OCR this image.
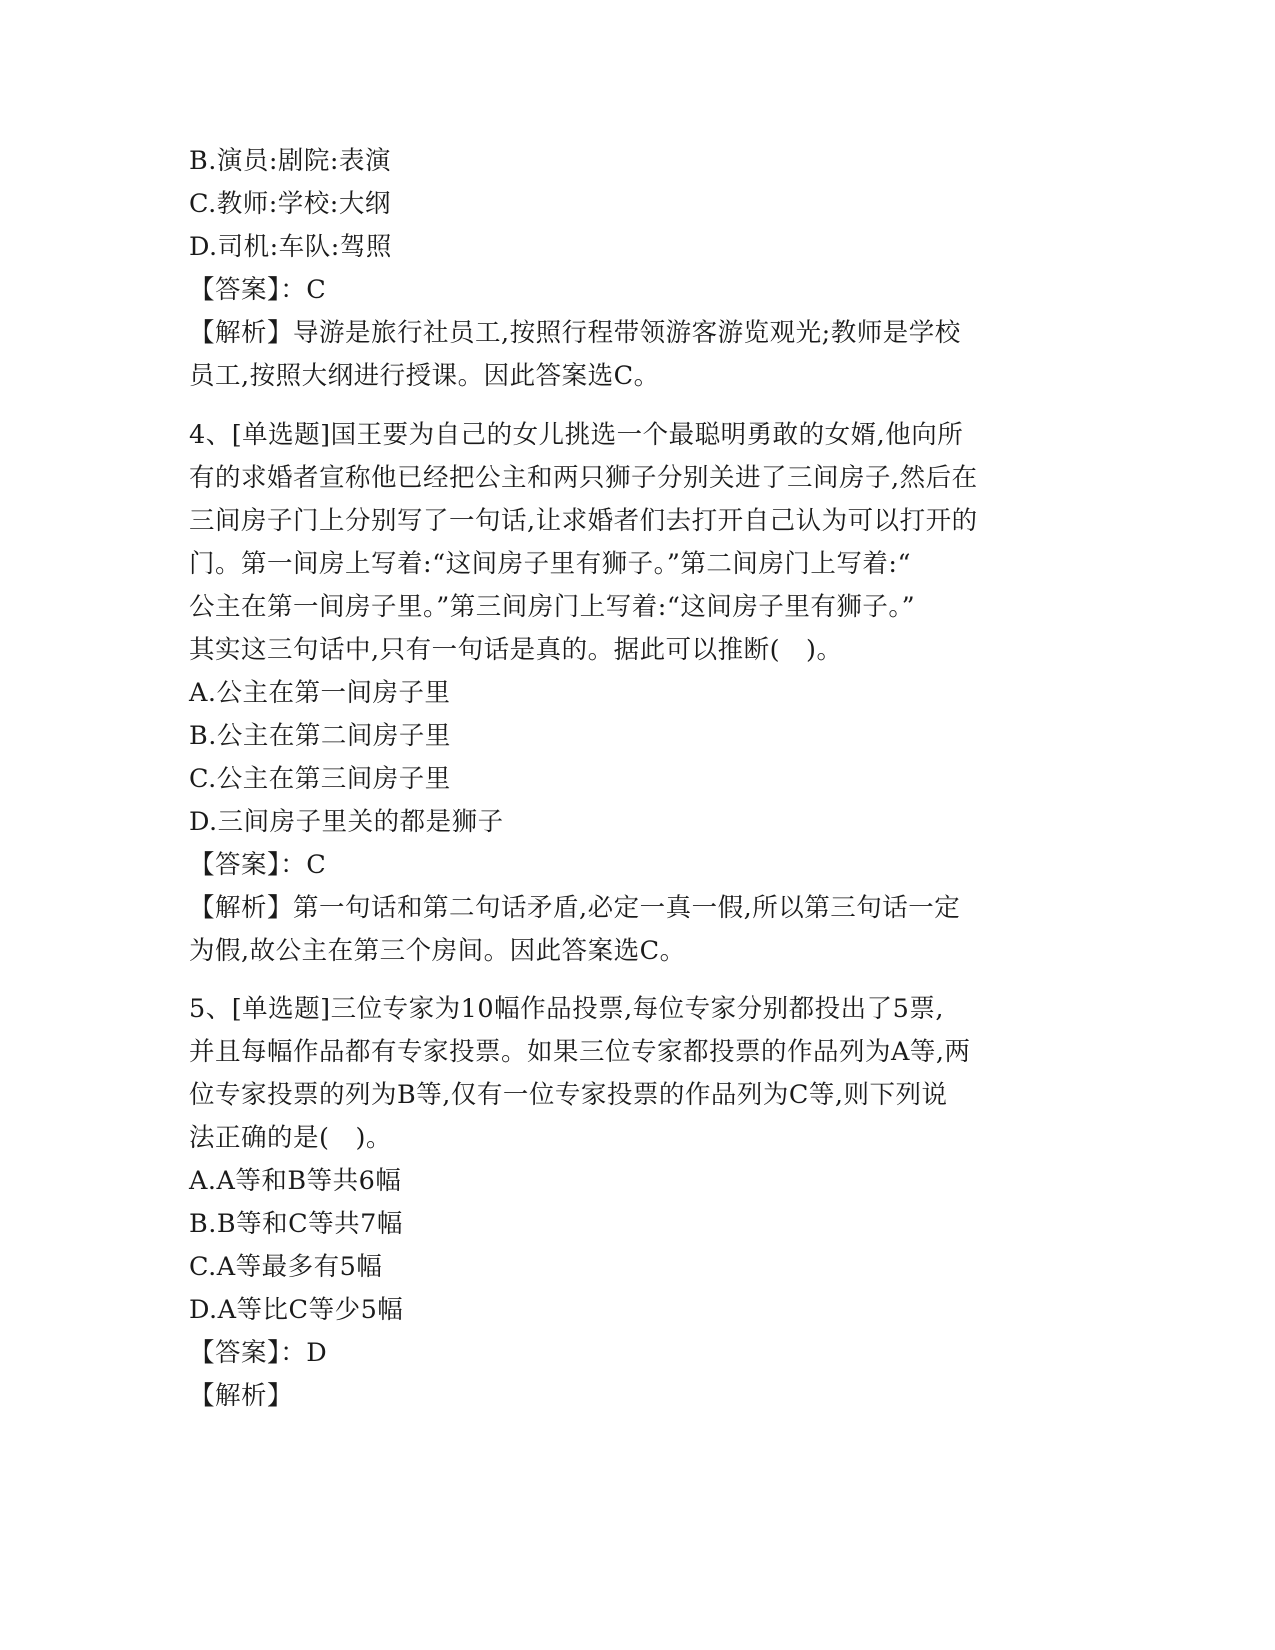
B.演员:剧院:表演
C.教师:学校:大纲
D.司机:车队:驾照
【答案】：C
【解析】导游是旅行社员工,按照行程带领游客游览观光;教师是学校
员工,按照大纲进行授课。因此答案选C。
4、[单选题]国王要为自己的女儿挑选一个最聪明勇敢的女婿,他向所
有的求婚者宣称他已经把公主和两只狮子分别关进了三间房子,然后在
三间房子门上分别写了一句话,让求婚者们去打开自己认为可以打开的
门。第一间房上写着:“这间房子里有狮子。”第二间房门上写着:“
公主在第一间房子里。”第三间房门上写着:“这间房子里有狮子。”
其实这三句话中,只有一句话是真的。据此可以推断(　)。
A.公主在第一间房子里
B.公主在第二间房子里
C.公主在第三间房子里
D.三间房子里关的都是狮子
【答案】：C
【解析】第一句话和第二句话矛盾,必定一真一假,所以第三句话一定
为假,故公主在第三个房间。因此答案选C。
5、[单选题]三位专家为10幅作品投票,每位专家分别都投出了5票,
并且每幅作品都有专家投票。如果三位专家都投票的作品列为A等,两
位专家投票的列为B等,仅有一位专家投票的作品列为C等,则下列说
法正确的是(　)。
A.A等和B等共6幅
B.B等和C等共7幅
C.A等最多有5幅
D.A等比C等少5幅
【答案】：D
【解析】
